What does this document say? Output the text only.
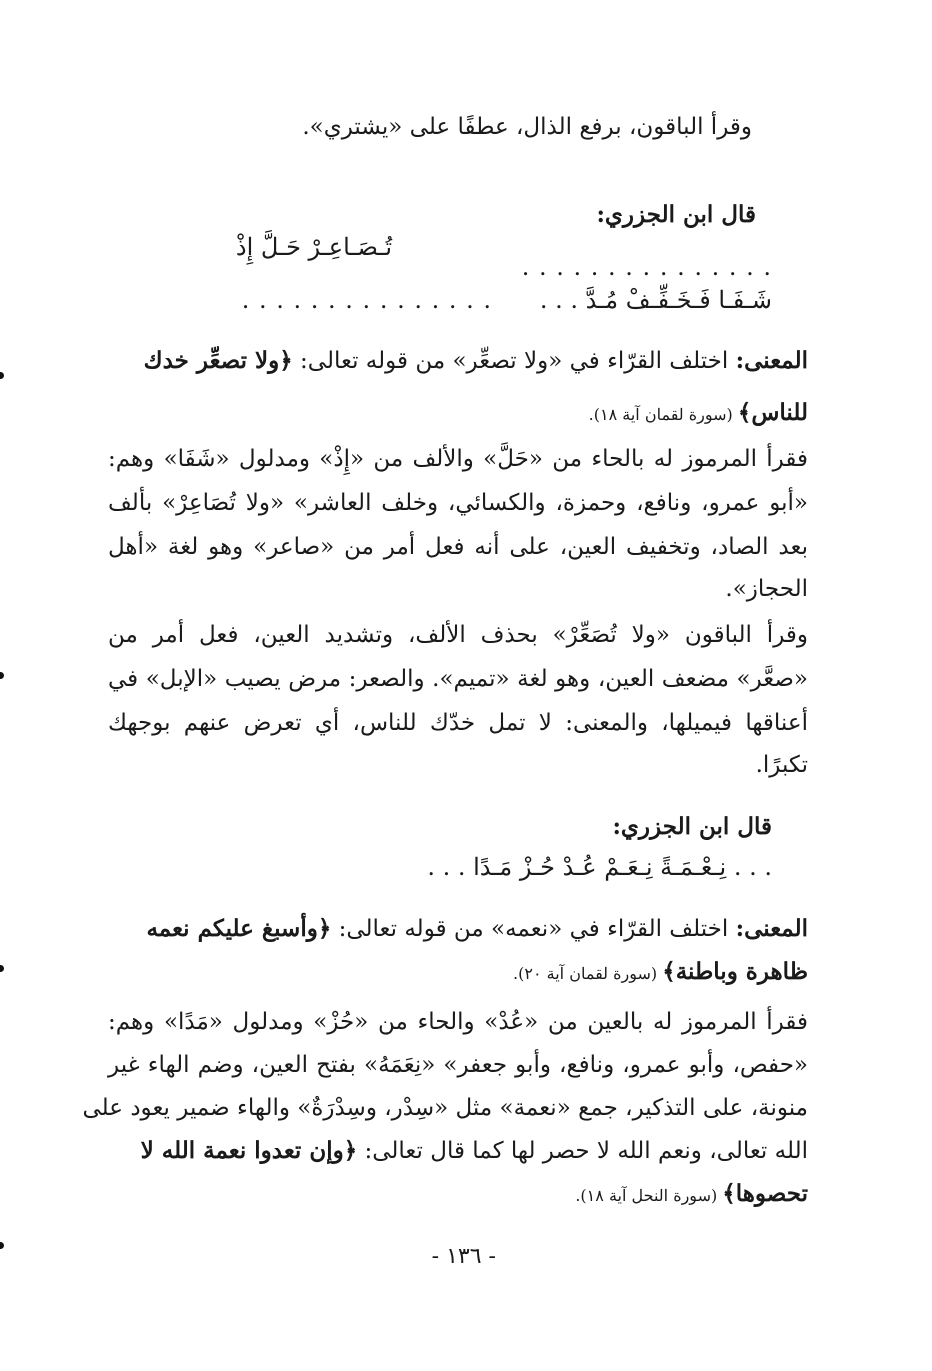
وقرأ الباقون، برفع الذال، عطفًا على «يشتري».
قال ابن الجزري:
. . . . . . . . . . . . . . .
تُـصَـاعِـرْ حَـلَّ إِذْ
شَـفَـا فَـخَـفِّـفْ مُـدَّ . . .
. . . . . . . . . . . . . . .
المعنى: اختلف القرّاء في «ولا تصعِّر» من قوله تعالى: ﴿ولا تصعِّر خدك
للناس﴾ (سورة لقمان آية ١٨).
فقرأ المرموز له بالحاء من «حَلَّ» والألف من «إِذْ» ومدلول «شَفَا» وهم:
«أبو عمرو، ونافع، وحمزة، والكسائي، وخلف العاشر» «ولا تُصَاعِرْ» بألف
بعد الصاد، وتخفيف العين، على أنه فعل أمر من «صاعر» وهو لغة «أهل
الحجاز».
وقرأ الباقون «ولا تُصَعِّرْ» بحذف الألف، وتشديد العين، فعل أمر من
«صعَّر» مضعف العين، وهو لغة «تميم». والصعر: مرض يصيب «الإبل» في
أعناقها فيميلها، والمعنى: لا تمل خدّك للناس، أي تعرض عنهم بوجهك
تكبرًا.
قال ابن الجزري:
. . . نِـعْـمَـةً نِـعَـمْ عُـدْ حُـزْ مَـدًا . . .
المعنى: اختلف القرّاء في «نعمه» من قوله تعالى: ﴿وأسبغ عليكم نعمه
ظاهرة وباطنة﴾ (سورة لقمان آية ٢٠).
فقرأ المرموز له بالعين من «عُدْ» والحاء من «حُزْ» ومدلول «مَدًا» وهم:
«حفص، وأبو عمرو، ونافع، وأبو جعفر» «نِعَمَهُ» بفتح العين، وضم الهاء غير
منونة، على التذكير، جمع «نعمة» مثل «سِدْر، وسِدْرَةٌ» والهاء ضمير يعود على
الله تعالى، ونعم الله لا حصر لها كما قال تعالى: ﴿وإن تعدوا نعمة الله لا
تحصوها﴾ (سورة النحل آية ١٨).
- ١٣٦ -
